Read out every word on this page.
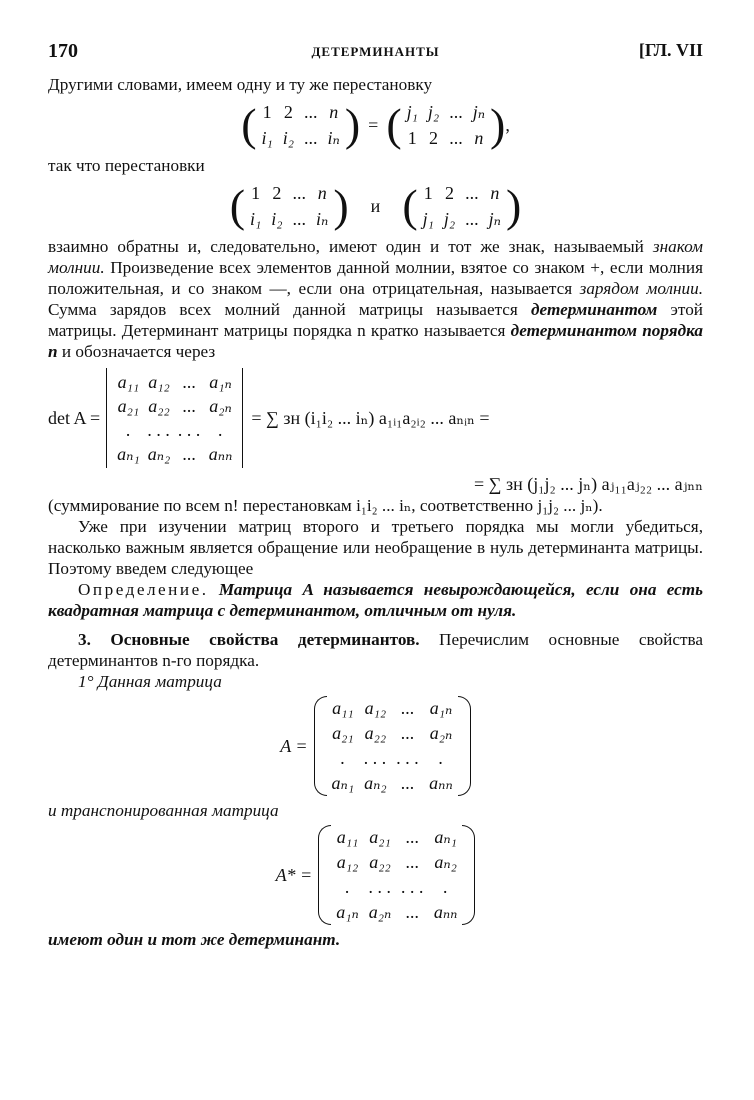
170	ДЕТЕРМИНАНТЫ	[ГЛ. VII

Другими словами, имеем одну и ту же перестановку

( 1	2	...	n
i₁	i₂	...	iₙ ) = ( j₁	j₂	...	jₙ
1	2	...	n ) ,

так что перестановки

( 1	2	...	n
i₁	i₂	...	iₙ ) и ( 1	2	...	n
j₁	j₂	...	jₙ )

взаимно обратны и, следовательно, имеют один и тот же знак, называемый знаком молнии. Произведение всех элементов данной молнии, взятое со знаком +, если молния положительная, и со знаком —, если она отрицательная, называется зарядом молнии. Сумма зарядов всех молний данной матрицы называется детерминантом этой матрицы. Детерминант матрицы порядка n кратко называется детерминантом порядка n и обозначается через

det A =
a₁₁	a₁₂	...	a₁ₙ
a₂₁	a₂₂	...	a₂ₙ
.	. . .	. . .	.
aₙ₁	aₙ₂	...	aₙₙ
= ∑ зн (i₁i₂ ... iₙ) a₁ᵢ₁a₂ᵢ₂ ... aₙᵢₙ =
= ∑ зн (j₁j₂ ... jₙ) aⱼ₁₁aⱼ₂₂ ... aⱼₙₙ

(суммирование по всем n! перестановкам i₁i₂ ... iₙ, соответственно j₁j₂ ... jₙ).

Уже при изучении матриц второго и третьего порядка мы могли убедиться, насколько важным является обращение или необращение в нуль детерминанта матрицы. Поэтому введем следующее

Определение. Матрица A называется невырождающейся, если она есть квадратная матрица с детерминантом, отличным от нуля.

3. Основные свойства детерминантов. Перечислим основные свойства детерминантов n-го порядка.

1° Данная матрица

A =
a₁₁	a₁₂	...	a₁ₙ
a₂₁	a₂₂	...	a₂ₙ
.	. . .	. . .	.
aₙ₁	aₙ₂	...	aₙₙ

и транспонированная матрица

A* =
a₁₁	a₂₁	...	aₙ₁
a₁₂	a₂₂	...	aₙ₂
.	. . .	. . .	.
a₁ₙ	a₂ₙ	...	aₙₙ

имеют один и тот же детерминант.
